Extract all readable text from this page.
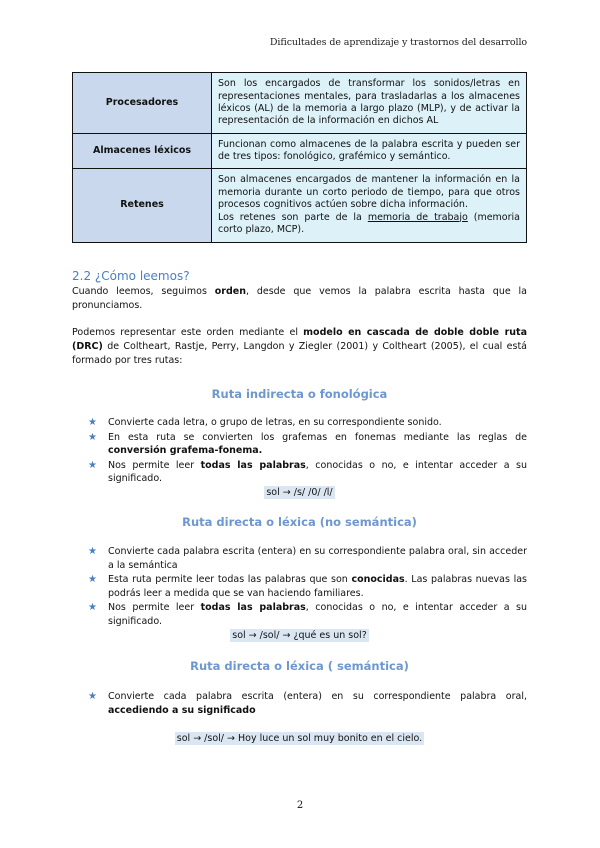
Dificultades de aprendizaje y trastornos del desarrollo
Procesadores	Son los encargados de transformar los sonidos/letras en representaciones mentales, para trasladarlas a los almacenes léxicos (AL) de la memoria a largo plazo (MLP), y de activar la representación de la información en dichos AL
Almacenes léxicos	Funcionan como almacenes de la palabra escrita y pueden ser de tres tipos: fonológico, grafémico y semántico.
Retenes	Son almacenes encargados de mantener la información en la memoria durante un corto periodo de tiempo, para que otros procesos cognitivos actúen sobre dicha información.
Los retenes son parte de la memoria de trabajo (memoria corto plazo, MCP).
2.2 ¿Cómo leemos?

Cuando leemos, seguimos orden, desde que vemos la palabra escrita hasta que la pronunciamos.

Podemos representar este orden mediante el modelo en cascada de doble doble ruta (DRC) de Coltheart, Rastje, Perry, Langdon y Ziegler (2001) y Coltheart (2005), el cual está formado por tres rutas:

Ruta indirecta o fonológica
★ Convierte cada letra, o grupo de letras, en su correspondiente sonido.
★ En esta ruta se convierten los grafemas en fonemas mediante las reglas de conversión grafema-fonema.
★ Nos permite leer todas las palabras, conocidas o no, e intentar acceder a su significado.
sol → /s/ /0/ /l/
Ruta directa o léxica (no semántica)
★ Convierte cada palabra escrita (entera) en su correspondiente palabra oral, sin acceder a la semántica
★ Esta ruta permite leer todas las palabras que son conocidas. Las palabras nuevas las podrás leer a medida que se van haciendo familiares.
★ Nos permite leer todas las palabras, conocidas o no, e intentar acceder a su significado.
sol → /sol/ → ¿qué es un sol?
Ruta directa o léxica ( semántica)
★ Convierte cada palabra escrita (entera) en su correspondiente palabra oral, accediendo a su significado
sol → /sol/ → Hoy luce un sol muy bonito en el cielo.
2
